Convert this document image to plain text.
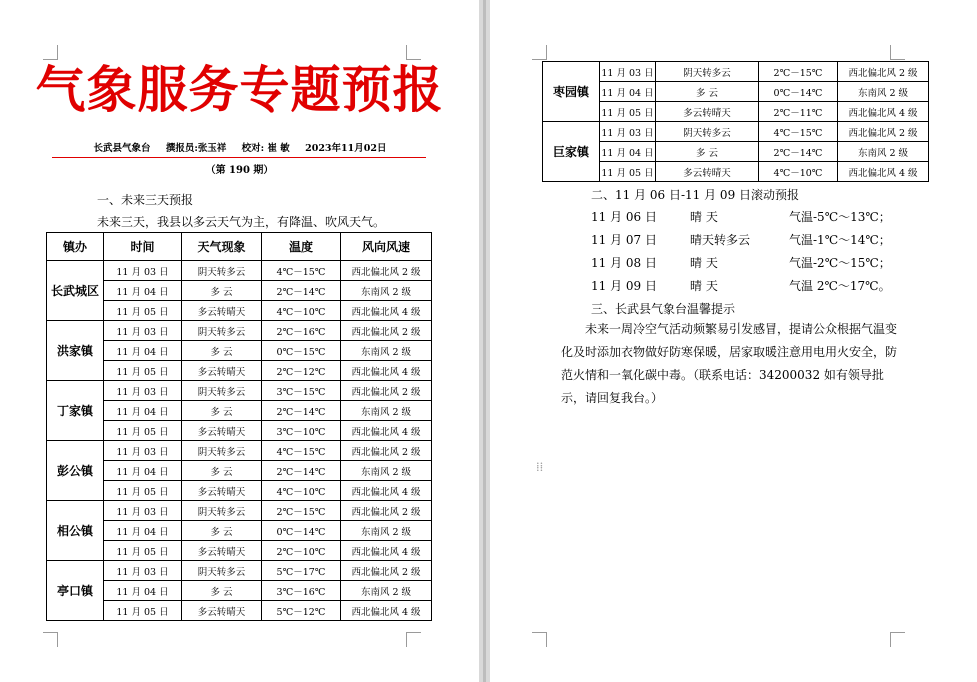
气象服务专题预报
长武县气象台 撰报员:张玉祥 校对: 崔 敏 2023年11月02日
（第 190 期）
一、未来三天预报
未来三天，我县以多云天气为主，有降温、吹风天气。
镇办	时间	天气现象	温度	风向风速
长武城区	11 月 03 日	阴天转多云	4℃－15℃	西北偏北风 2 级
	11 月 04 日	多 云	2℃－14℃	东南风 2 级
	11 月 05 日	多云转晴天	4℃－10℃	西北偏北风 4 级
洪家镇	11 月 03 日	阴天转多云	2℃－16℃	西北偏北风 2 级
	11 月 04 日	多 云	0℃－15℃	东南风 2 级
	11 月 05 日	多云转晴天	2℃－12℃	西北偏北风 4 级
丁家镇	11 月 03 日	阴天转多云	3℃－15℃	西北偏北风 2 级
	11 月 04 日	多 云	2℃－14℃	东南风 2 级
	11 月 05 日	多云转晴天	3℃－10℃	西北偏北风 4 级
彭公镇	11 月 03 日	阴天转多云	4℃－15℃	西北偏北风 2 级
	11 月 04 日	多 云	2℃－14℃	东南风 2 级
	11 月 05 日	多云转晴天	4℃－10℃	西北偏北风 4 级
相公镇	11 月 03 日	阴天转多云	2℃－15℃	西北偏北风 2 级
	11 月 04 日	多 云	0℃－14℃	东南风 2 级
	11 月 05 日	多云转晴天	2℃－10℃	西北偏北风 4 级
亭口镇	11 月 03 日	阴天转多云	5℃－17℃	西北偏北风 2 级
	11 月 04 日	多 云	3℃－16℃	东南风 2 级
	11 月 05 日	多云转晴天	5℃－12℃	西北偏北风 4 级
枣园镇	11 月 03 日	阴天转多云	2℃－15℃	西北偏北风 2 级
	11 月 04 日	多 云	0℃－14℃	东南风 2 级
	11 月 05 日	多云转晴天	2℃－11℃	西北偏北风 4 级
巨家镇	11 月 03 日	阴天转多云	4℃－15℃	西北偏北风 2 级
	11 月 04 日	多 云	2℃－14℃	东南风 2 级
	11 月 05 日	多云转晴天	4℃－10℃	西北偏北风 4 级
二、11 月 06 日-11 月 09 日滚动预报
11 月 06 日	晴 天	气温-5℃～13℃；
11 月 07 日	晴天转多云	气温-1℃～14℃；
11 月 08 日	晴 天	气温-2℃～15℃；
11 月 09 日	晴 天	气温 2℃～17℃。
三、长武县气象台温馨提示

未来一周冷空气活动频繁易引发感冒，提请公众根据气温变化及时添加衣物做好防寒保暖，居家取暖注意用电用火安全，防范火情和一氧化碳中毒。（联系电话：34200032 如有领导批示，请回复我台。）

⁞⁞
